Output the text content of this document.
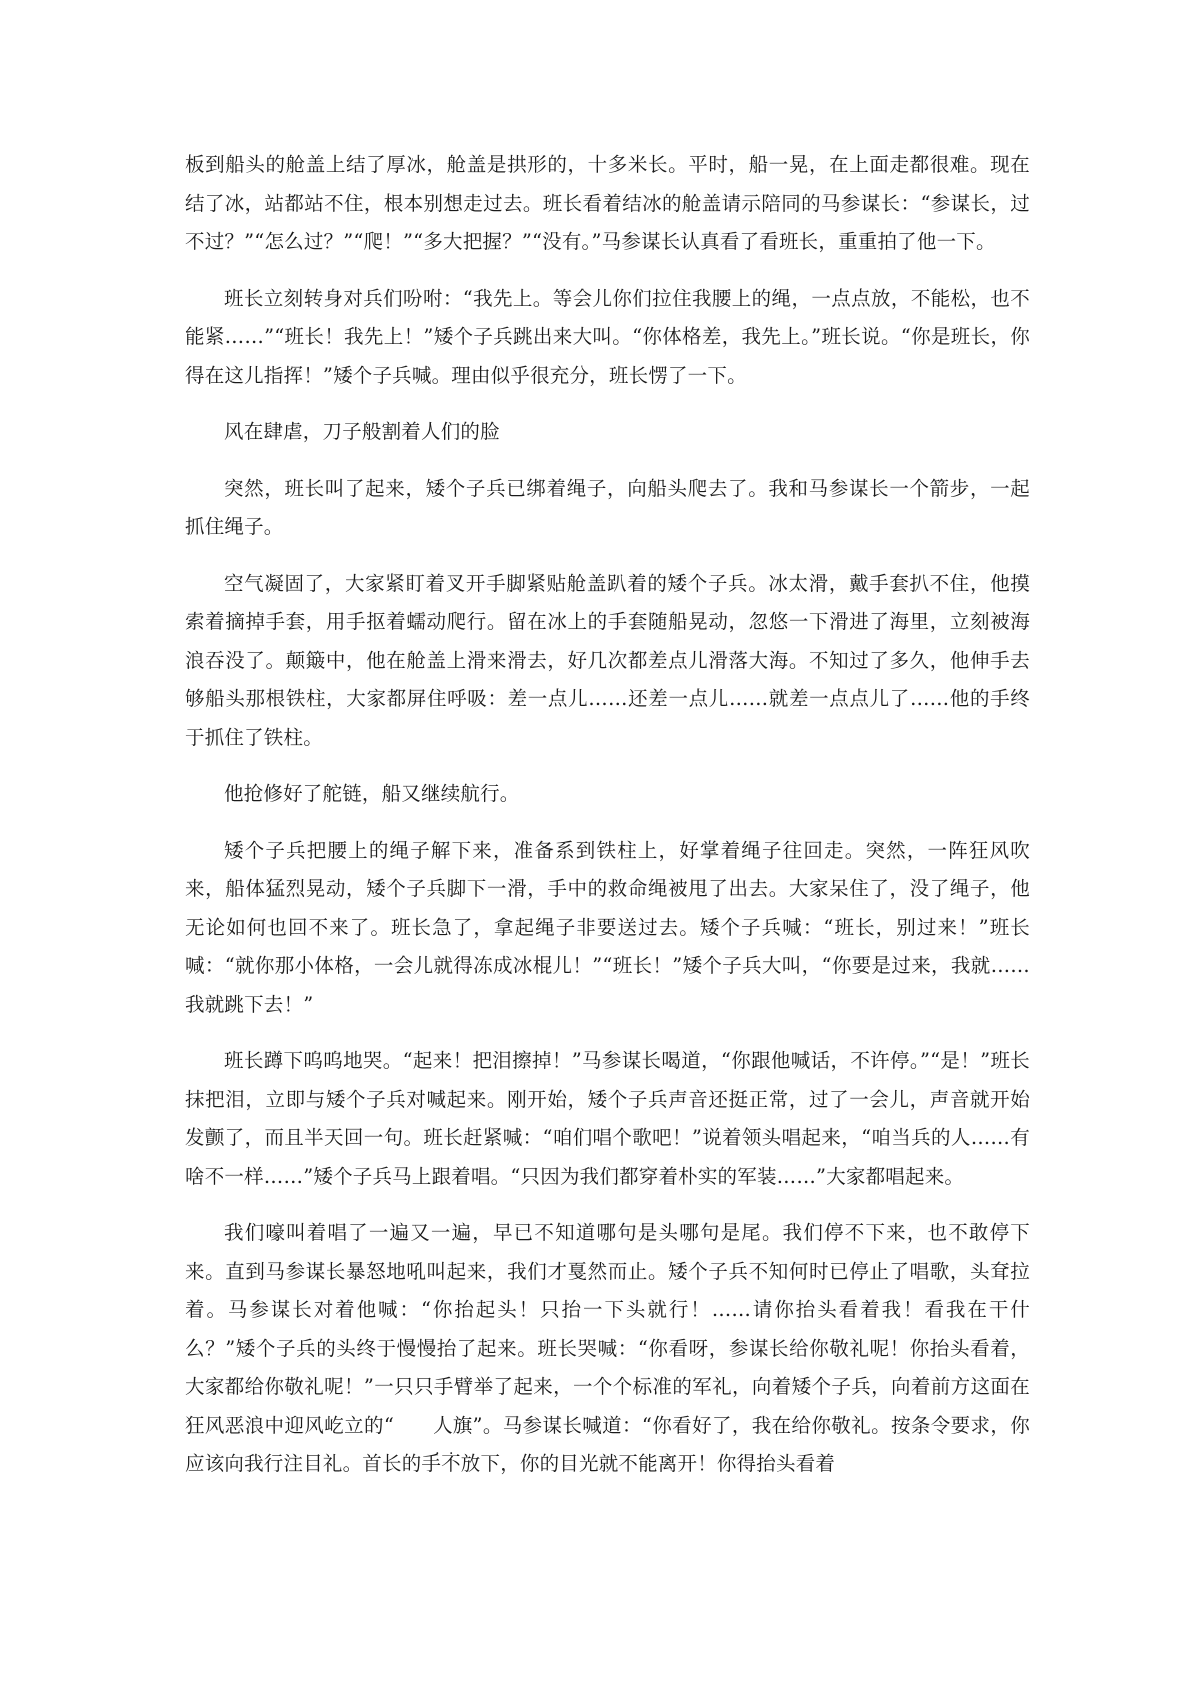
板到船头的舱盖上结了厚冰，舱盖是拱形的，十多米长。平时，船一晃，在上面走都很难。现在结了冰，站都站不住，根本别想走过去。班长看着结冰的舱盖请示陪同的马参谋长：“参谋长，过不过？”“怎么过？”“爬！”“多大把握？”“没有。”马参谋长认真看了看班长，重重拍了他一下。

班长立刻转身对兵们吩咐：“我先上。等会儿你们拉住我腰上的绳，一点点放，不能松，也不能紧……”“班长！我先上！”矮个子兵跳出来大叫。“你体格差，我先上。”班长说。“你是班长，你得在这儿指挥！”矮个子兵喊。理由似乎很充分，班长愣了一下。

风在肆虐，刀子般割着人们的脸

突然，班长叫了起来，矮个子兵已绑着绳子，向船头爬去了。我和马参谋长一个箭步，一起抓住绳子。

空气凝固了，大家紧盯着叉开手脚紧贴舱盖趴着的矮个子兵。冰太滑，戴手套扒不住，他摸索着摘掉手套，用手抠着蠕动爬行。留在冰上的手套随船晃动，忽悠一下滑进了海里，立刻被海浪吞没了。颠簸中，他在舱盖上滑来滑去，好几次都差点儿滑落大海。不知过了多久，他伸手去够船头那根铁柱，大家都屏住呼吸：差一点儿……还差一点儿……就差一点点儿了……他的手终于抓住了铁柱。

他抢修好了舵链，船又继续航行。

矮个子兵把腰上的绳子解下来，准备系到铁柱上，好掌着绳子往回走。突然，一阵狂风吹来，船体猛烈晃动，矮个子兵脚下一滑，手中的救命绳被甩了出去。大家呆住了，没了绳子，他无论如何也回不来了。班长急了，拿起绳子非要送过去。矮个子兵喊：“班长，别过来！”班长喊：“就你那小体格，一会儿就得冻成冰棍儿！”“班长！”矮个子兵大叫，“你要是过来，我就……我就跳下去！”

班长蹲下呜呜地哭。“起来！把泪擦掉！”马参谋长喝道，“你跟他喊话，不许停。”“是！”班长抹把泪，立即与矮个子兵对喊起来。刚开始，矮个子兵声音还挺正常，过了一会儿，声音就开始发颤了，而且半天回一句。班长赶紧喊：“咱们唱个歌吧！”说着领头唱起来，“咱当兵的人……有啥不一样……”矮个子兵马上跟着唱。“只因为我们都穿着朴实的军装……”大家都唱起来。

我们嚎叫着唱了一遍又一遍，早已不知道哪句是头哪句是尾。我们停不下来，也不敢停下来。直到马参谋长暴怒地吼叫起来，我们才戛然而止。矮个子兵不知何时已停止了唱歌，头耷拉着。马参谋长对着他喊：“你抬起头！只抬一下头就行！……请你抬头看着我！看我在干什么？”矮个子兵的头终于慢慢抬了起来。班长哭喊：“你看呀，参谋长给你敬礼呢！你抬头看着，大家都给你敬礼呢！”一只只手臂举了起来，一个个标准的军礼，向着矮个子兵，向着前方这面在狂风恶浪中迎风屹立的“ 人旗 · ·”。马参谋长喊道：“你看好了，我在给你敬礼。按条令要求，你应该向我行注目礼。首长的手不放下，你的目光就不能离开！你得抬头看着
